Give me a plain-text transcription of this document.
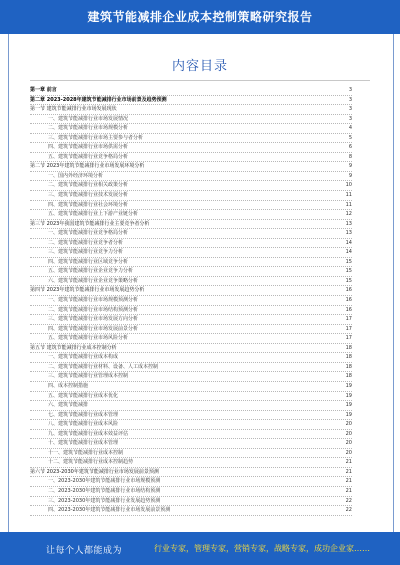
建筑节能减排企业成本控制策略研究报告
内容目录
第一章 前言	3
第二章 2023-2028年建筑节能减排行业市场前景及趋势预测	3
第一节 建筑节能减排行业市场发展现状	3
一、建筑节能减排行业市场发展情况	3
二、建筑节能减排行业市场规模分析	4
三、建筑节能减排行业市场主要参与者分析	5
四、建筑节能减排行业市场供需分析	6
五、建筑节能减排行业竞争格局分析	8
第二节 2023年建筑节能减排行业市场发展环境分析	9
一、国内外经济环境分析	9
二、建筑节能减排行业相关政策分析	10
三、建筑节能减排行业技术发展分析	11
四、建筑节能减排行业社会环境分析	11
五、建筑节能减排行业上下游产业链分析	12
第三节 2023年我国建筑节能减排行业主要竞争者分析	13
一、建筑节能减排行业竞争格局分析	13
二、建筑节能减排行业竞争者分析	14
三、建筑节能减排行业竞争力分析	14
四、建筑节能减排行业区域竞争分析	15
五、建筑节能减排行业企业竞争力分析	15
六、建筑节能减排行业企业竞争策略分析	15
第四节 2023年建筑节能减排行业市场发展趋势分析	16
一、建筑节能减排行业市场规模预测分析	16
二、建筑节能减排行业市场结构预测分析	16
三、建筑节能减排行业市场发展方向分析	17
四、建筑节能减排行业市场发展前景分析	17
五、建筑节能减排行业市场风险分析	17
第五节 建筑节能减排行业成本控制分析	18
一、建筑节能减排行业成本构成	18
二、建筑节能减排行业材料、设备、人工成本控制	18
三、建筑节能减排行业管理成本控制	18
四、成本控制措施	19
五、建筑节能减排行业成本优化	19
六、建筑节能减排	19
七、建筑节能减排行业成本管理	19
八、建筑节能减排行业成本风险	20
九、建筑节能减排行业成本效益评估	20
十、建筑节能减排行业成本管理	20
十一、建筑节能减排行业成本控制	20
十二、建筑节能减排行业成本控制趋势	21
第六节 2023-2030年建筑节能减排行业市场发展前景预测	21
一、2023-2030年建筑节能减排行业市场规模预测	21
二、2023-2030年建筑节能减排行业市场结构预测	21
三、2023-2030年建筑节能减排行业发展趋势预测	22
四、2023-2030年建筑节能减排行业市场发展前景预测	22
让每个人都能成为	行业专家，管理专家，营销专家，战略专家，成功企业家……
